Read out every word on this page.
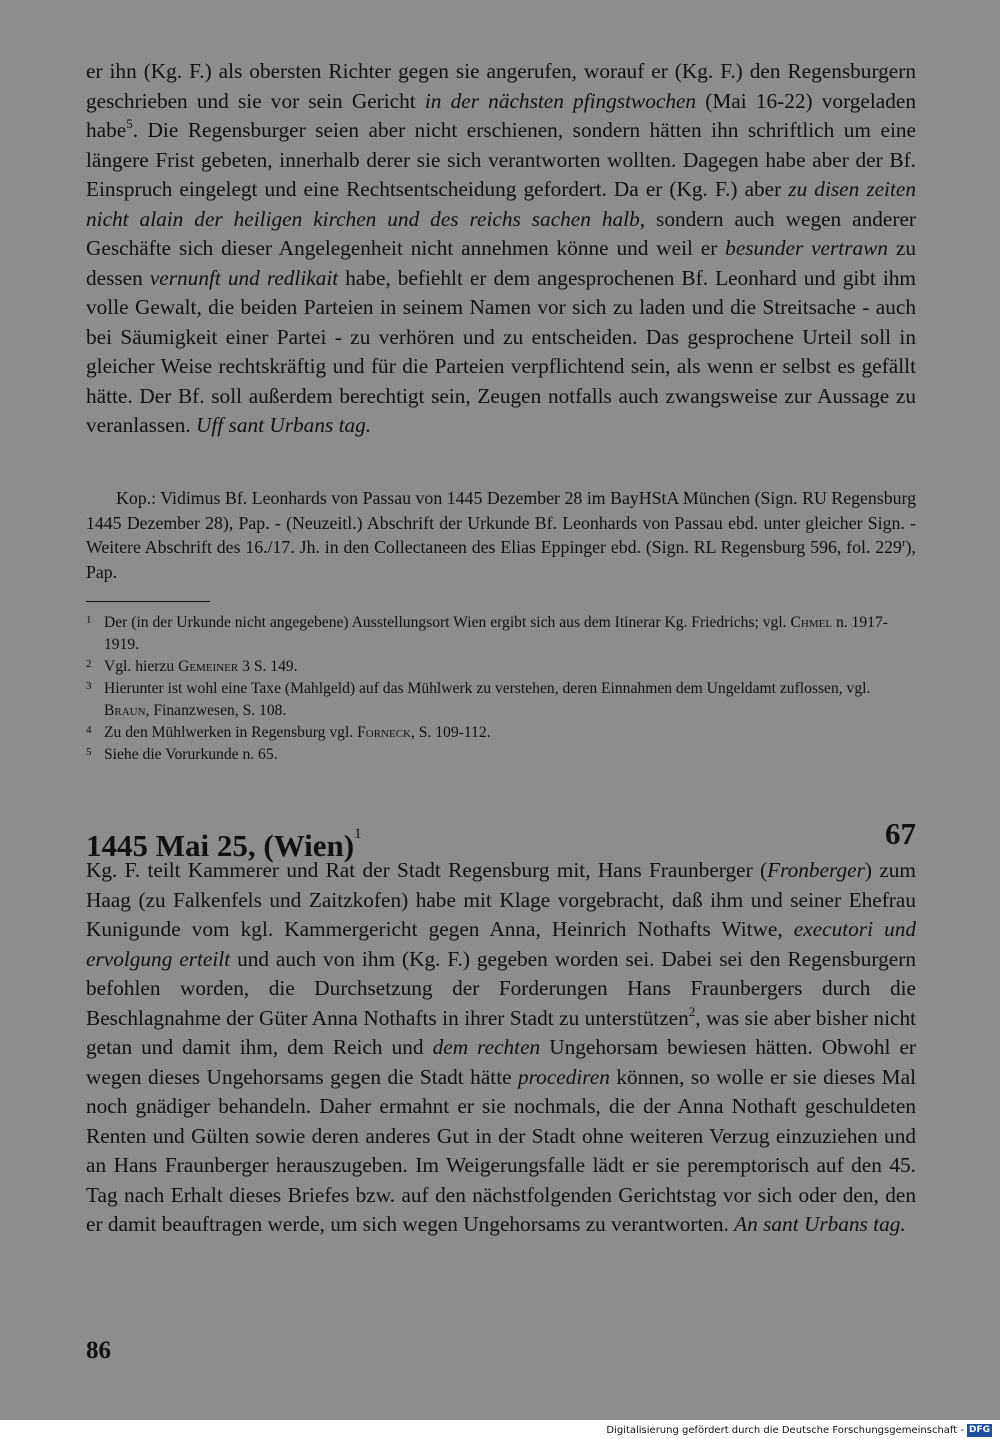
er ihn (Kg. F.) als obersten Richter gegen sie angerufen, worauf er (Kg. F.) den Regensburgern geschrieben und sie vor sein Gericht in der nächsten pfingstwochen (Mai 16-22) vorgeladen habe$^5$. Die Regensburger seien aber nicht erschienen, sondern hätten ihn schriftlich um eine längere Frist gebeten, innerhalb derer sie sich verantworten wollten. Dagegen habe aber der Bf. Einspruch eingelegt und eine Rechtsentscheidung gefordert. Da er (Kg. F.) aber zu disen zeiten nicht alain der heiligen kirchen und des reichs sachen halb, sondern auch wegen anderer Geschäfte sich dieser Angelegenheit nicht annehmen könne und weil er besunder vertrawn zu dessen vernunft und redlikait habe, befiehlt er dem angesprochenen Bf. Leonhard und gibt ihm volle Gewalt, die beiden Parteien in seinem Namen vor sich zu laden und die Streitsache - auch bei Säumigkeit einer Partei - zu verhören und zu entscheiden. Das gesprochene Urteil soll in gleicher Weise rechtskräftig und für die Parteien verpflichtend sein, als wenn er selbst es gefällt hätte. Der Bf. soll außerdem berechtigt sein, Zeugen notfalls auch zwangsweise zur Aussage zu veranlassen. Uff sant Urbans tag.

Kop.: Vidimus Bf. Leonhards von Passau von 1445 Dezember 28 im BayHStA München (Sign. RU Regensburg 1445 Dezember 28), Pap. - (Neuzeitl.) Abschrift der Urkunde Bf. Leonhards von Passau ebd. unter gleicher Sign. - Weitere Abschrift des 16./17. Jh. in den Collectaneen des Elias Eppinger ebd. (Sign. RL Regensburg 596, fol. 229$^r$), Pap.

1 Der (in der Urkunde nicht angegebene) Ausstellungsort Wien ergibt sich aus dem Itinerar Kg. Friedrichs; vgl. Chmel n. 1917-1919.
2 Vgl. hierzu Gemeiner 3 S. 149.
3 Hierunter ist wohl eine Taxe (Mahlgeld) auf das Mühlwerk zu verstehen, deren Einnahmen dem Ungeldamt zuflossen, vgl. Braun, Finanzwesen, S. 108.
4 Zu den Mühlwerken in Regensburg vgl. Forneck, S. 109-112.
5 Siehe die Vorurkunde n. 65.
1445 Mai 25, (Wien)$^1$	67

Kg. F. teilt Kammerer und Rat der Stadt Regensburg mit, Hans Fraunberger (Fronberger) zum Haag (zu Falkenfels und Zaitzkofen) habe mit Klage vorgebracht, daß ihm und seiner Ehefrau Kunigunde vom kgl. Kammergericht gegen Anna, Heinrich Nothafts Witwe, executori und ervolgung erteilt und auch von ihm (Kg. F.) gegeben worden sei. Dabei sei den Regensburgern befohlen worden, die Durchsetzung der Forderungen Hans Fraunbergers durch die Beschlagnahme der Güter Anna Nothafts in ihrer Stadt zu unterstützen$^2$, was sie aber bisher nicht getan und damit ihm, dem Reich und dem rechten Ungehorsam bewiesen hätten. Obwohl er wegen dieses Ungehorsams gegen die Stadt hätte procediren können, so wolle er sie dieses Mal noch gnädiger behandeln. Daher ermahnt er sie nochmals, die der Anna Nothaft geschuldeten Renten und Gülten sowie deren anderes Gut in der Stadt ohne weiteren Verzug einzuziehen und an Hans Fraunberger herauszugeben. Im Weigerungsfalle lädt er sie peremptorisch auf den 45. Tag nach Erhalt dieses Briefes bzw. auf den nächstfolgenden Gerichtstag vor sich oder den, den er damit beauftragen werde, um sich wegen Ungehorsams zu verantworten. An sant Urbans tag.

86

Digitalisierung gefördert durch die Deutsche Forschungsgemeinschaft - DFG
